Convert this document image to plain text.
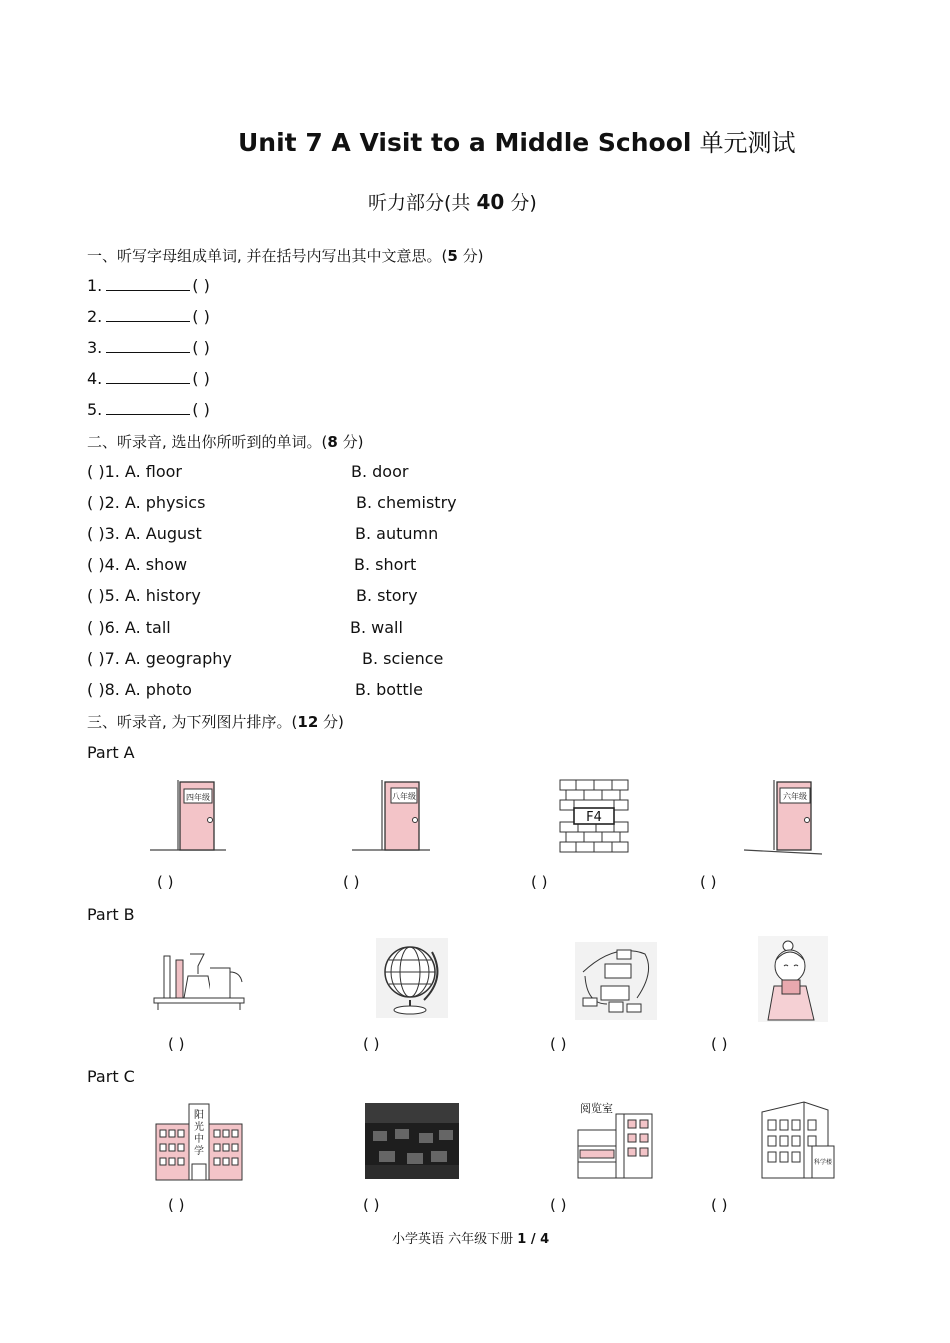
Unit 7 A Visit to a Middle School 单元测试
听力部分(共 40 分)
一、听写字母组成单词, 并在括号内写出其中文意思。(5 分)
1.	( )
2.	( )
3.	( )
4.	( )
5.	( )
二、听录音, 选出你所听到的单词。(8 分)
( )1. A. floor	B. door
( )2. A. physics	B. chemistry
( )3. A. August	B. autumn
( )4. A. show	B. short
( )5. A. history	B. story
( )6. A. tall	B. wall
( )7. A. geography	B. science
( )8. A. photo	B. bottle
三、听录音, 为下列图片排序。(12 分)
Part A
Part B
Part C
四年级	八年级
F4
六年级
阳光中学
阅览室
科学楼
( )	( )	( )	( )
( )	( )	( )	( )
( )	( )	( )	( )
小学英语 六年级下册 1 / 4
